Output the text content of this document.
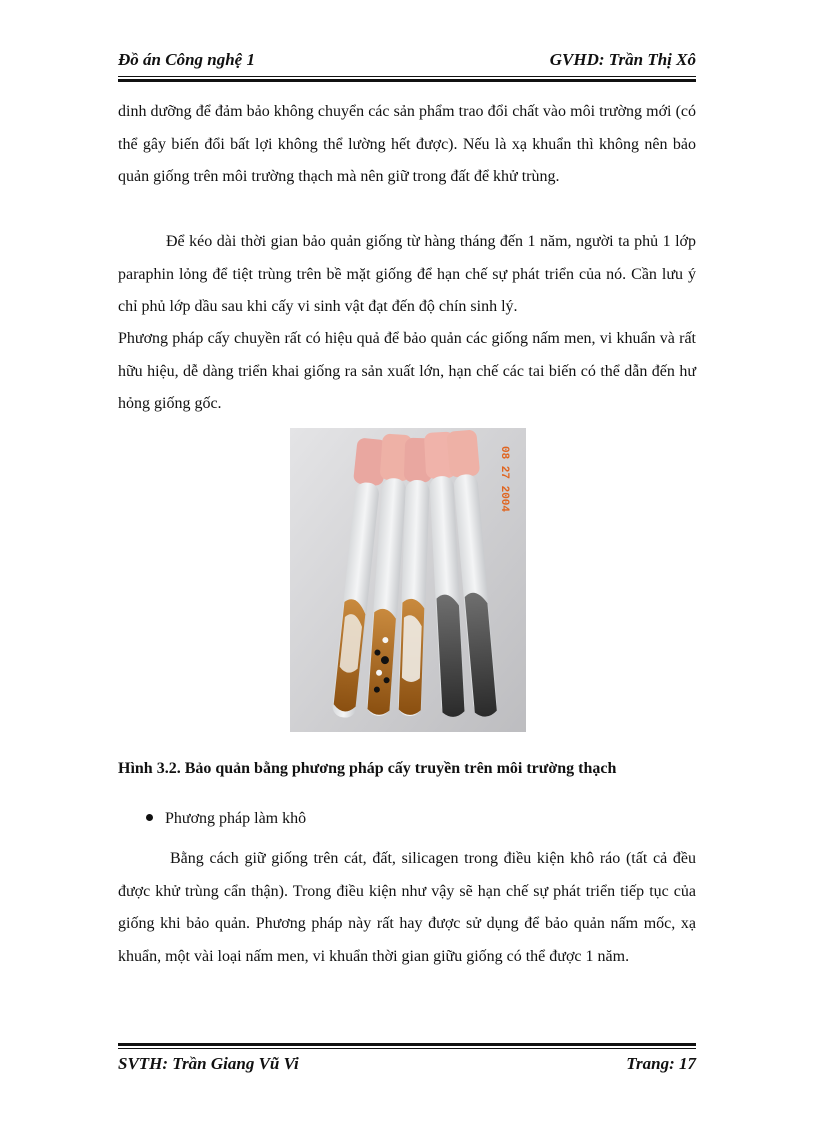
Đồ án Công nghệ 1	GVHD: Trần Thị Xô

dinh dưỡng để đảm bảo không chuyển các sản phẩm trao đổi chất vào môi trường mới (có thể gây biến đổi bất lợi không thể lường hết được). Nếu là xạ khuẩn thì không nên bảo quản giống trên môi trường thạch mà nên giữ trong đất để khử trùng.

Để kéo dài thời gian bảo quản giống từ hàng tháng đến 1 năm, người ta phủ 1 lớp paraphin lỏng để tiệt trùng trên bề mặt giống để hạn chế sự phát triển của nó. Cần lưu ý chỉ phủ lớp dầu sau khi cấy vi sinh vật đạt đến độ chín sinh lý.

Phương pháp cấy chuyền rất có hiệu quả để bảo quản các giống nấm men, vi khuẩn và rất hữu hiệu, dễ dàng triển khai giống ra sản xuất lớn, hạn chế các tai biến có thể dẫn đến hư hỏng giống gốc.

08 27 2004
Hình 3.2. Bảo quản bằng phương pháp cấy truyền trên môi trường thạch
Phương pháp làm khô

Bằng cách giữ giống trên cát, đất, silicagen trong điều kiện khô ráo (tất cả đều được khử trùng cẩn thận). Trong điều kiện như vậy sẽ hạn chế sự phát triển tiếp tục của giống khi bảo quản. Phương pháp này rất hay được sử dụng để bảo quản nấm mốc, xạ khuẩn, một vài loại nấm men, vi khuẩn thời gian giữu giống có thể được 1 năm.

SVTH: Trần Giang Vũ Vi	Trang: 17
